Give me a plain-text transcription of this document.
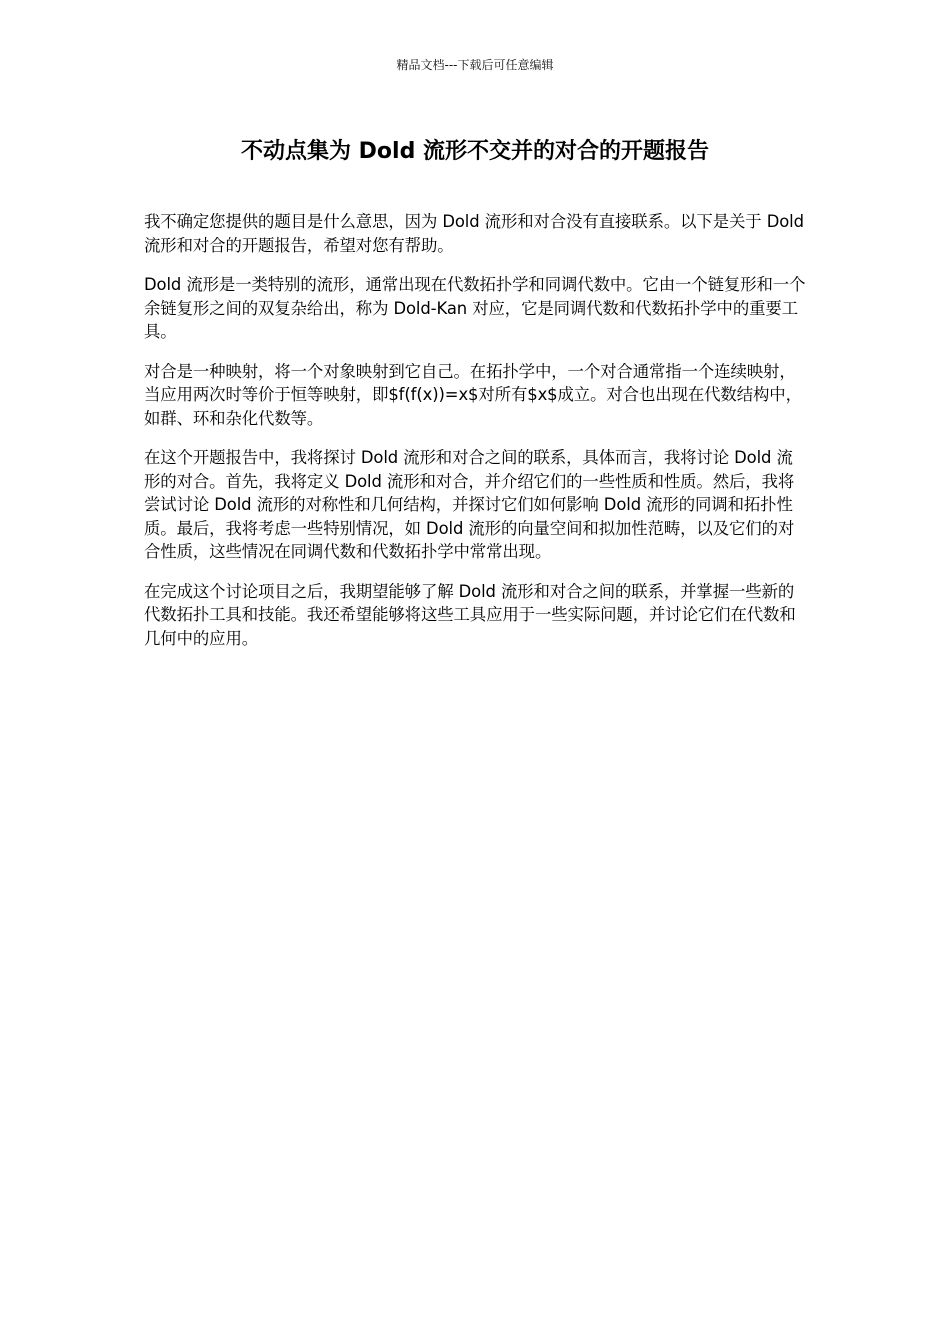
精品文档---下载后可任意编辑
不动点集为 Dold 流形不交并的对合的开题报告

我不确定您提供的题目是什么意思，因为 Dold 流形和对合没有直接联系。以下是关于 Dold 流形和对合的开题报告，希望对您有帮助。

Dold 流形是一类特别的流形，通常出现在代数拓扑学和同调代数中。它由一个链复形和一个余链复形之间的双复杂给出，称为 Dold-Kan 对应，它是同调代数和代数拓扑学中的重要工具。

对合是一种映射，将一个对象映射到它自己。在拓扑学中，一个对合通常指一个连续映射，当应用两次时等价于恒等映射，即$f(f(x))=x$对所有$x$成立。对合也出现在代数结构中，如群、环和杂化代数等。

在这个开题报告中，我将探讨 Dold 流形和对合之间的联系，具体而言，我将讨论 Dold 流形的对合。首先，我将定义 Dold 流形和对合，并介绍它们的一些性质和性质。然后，我将尝试讨论 Dold 流形的对称性和几何结构，并探讨它们如何影响 Dold 流形的同调和拓扑性质。最后，我将考虑一些特别情况，如 Dold 流形的向量空间和拟加性范畴，以及它们的对合性质，这些情况在同调代数和代数拓扑学中常常出现。

在完成这个讨论项目之后，我期望能够了解 Dold 流形和对合之间的联系，并掌握一些新的代数拓扑工具和技能。我还希望能够将这些工具应用于一些实际问题，并讨论它们在代数和几何中的应用。
